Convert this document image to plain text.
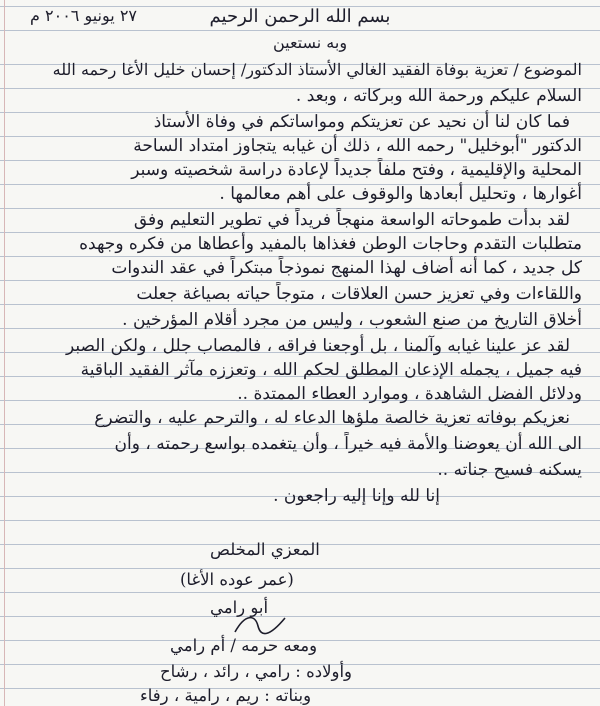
٢٧ يونيو ٢٠٠٦ م	بسم الله الرحمن الرحيم
وبه نستعين
الموضوع / تعزية بوفاة الفقيد الغالي الأستاذ الدكتور/ إحسان خليل الأغا رحمه الله
السلام عليكم ورحمة الله وبركاته ، وبعد .
فما كان لنا أن نحيد عن تعزيتكم ومواساتكم في وفاة الأستاذ
الدكتور "أبوخليل" رحمه الله ، ذلك أن غيابه يتجاوز امتداد الساحة
المحلية والإقليمية ، وفتح ملفاً جديداً لإعادة دراسة شخصيته وسبر
أغوارها ، وتحليل أبعادها والوقوف على أهم معالمها .
لقد بدأت طموحاته الواسعة منهجاً فريداً في تطوير التعليم وفق
متطلبات التقدم وحاجات الوطن فغذاها بالمفيد وأعطاها من فكره وجهده
كل جديد ، كما أنه أضاف لهذا المنهج نموذجاً مبتكراً في عقد الندوات
واللقاءات وفي تعزيز حسن العلاقات ، متوجاً حياته بصياغة جعلت
أخلاق التاريخ من صنع الشعوب ، وليس من مجرد أقلام المؤرخين .
لقد عز علينا غيابه وآلمنا ، بل أوجعنا فراقه ، فالمصاب جلل ، ولكن الصبر
فيه جميل ، يجمله الإذعان المطلق لحكم الله ، وتعززه مآثر الفقيد الباقية
ودلائل الفضل الشاهدة ، وموارد العطاء الممتدة ..
نعزيكم بوفاته تعزية خالصة ملؤها الدعاء له ، والترحم عليه ، والتضرع
الى الله أن يعوضنا والأمة فيه خيراً ، وأن يتغمده بواسع رحمته ، وأن
يسكنه فسيح جناته ..
إنا لله وإنا إليه راجعون .
المعزي المخلص
(عمر عوده الأغا)
أبو رامي
ومعه حرمه / أم رامي
وأولاده : رامي ، رائد ، رشاح
وبناته : ريم ، رامية ، رفاء
